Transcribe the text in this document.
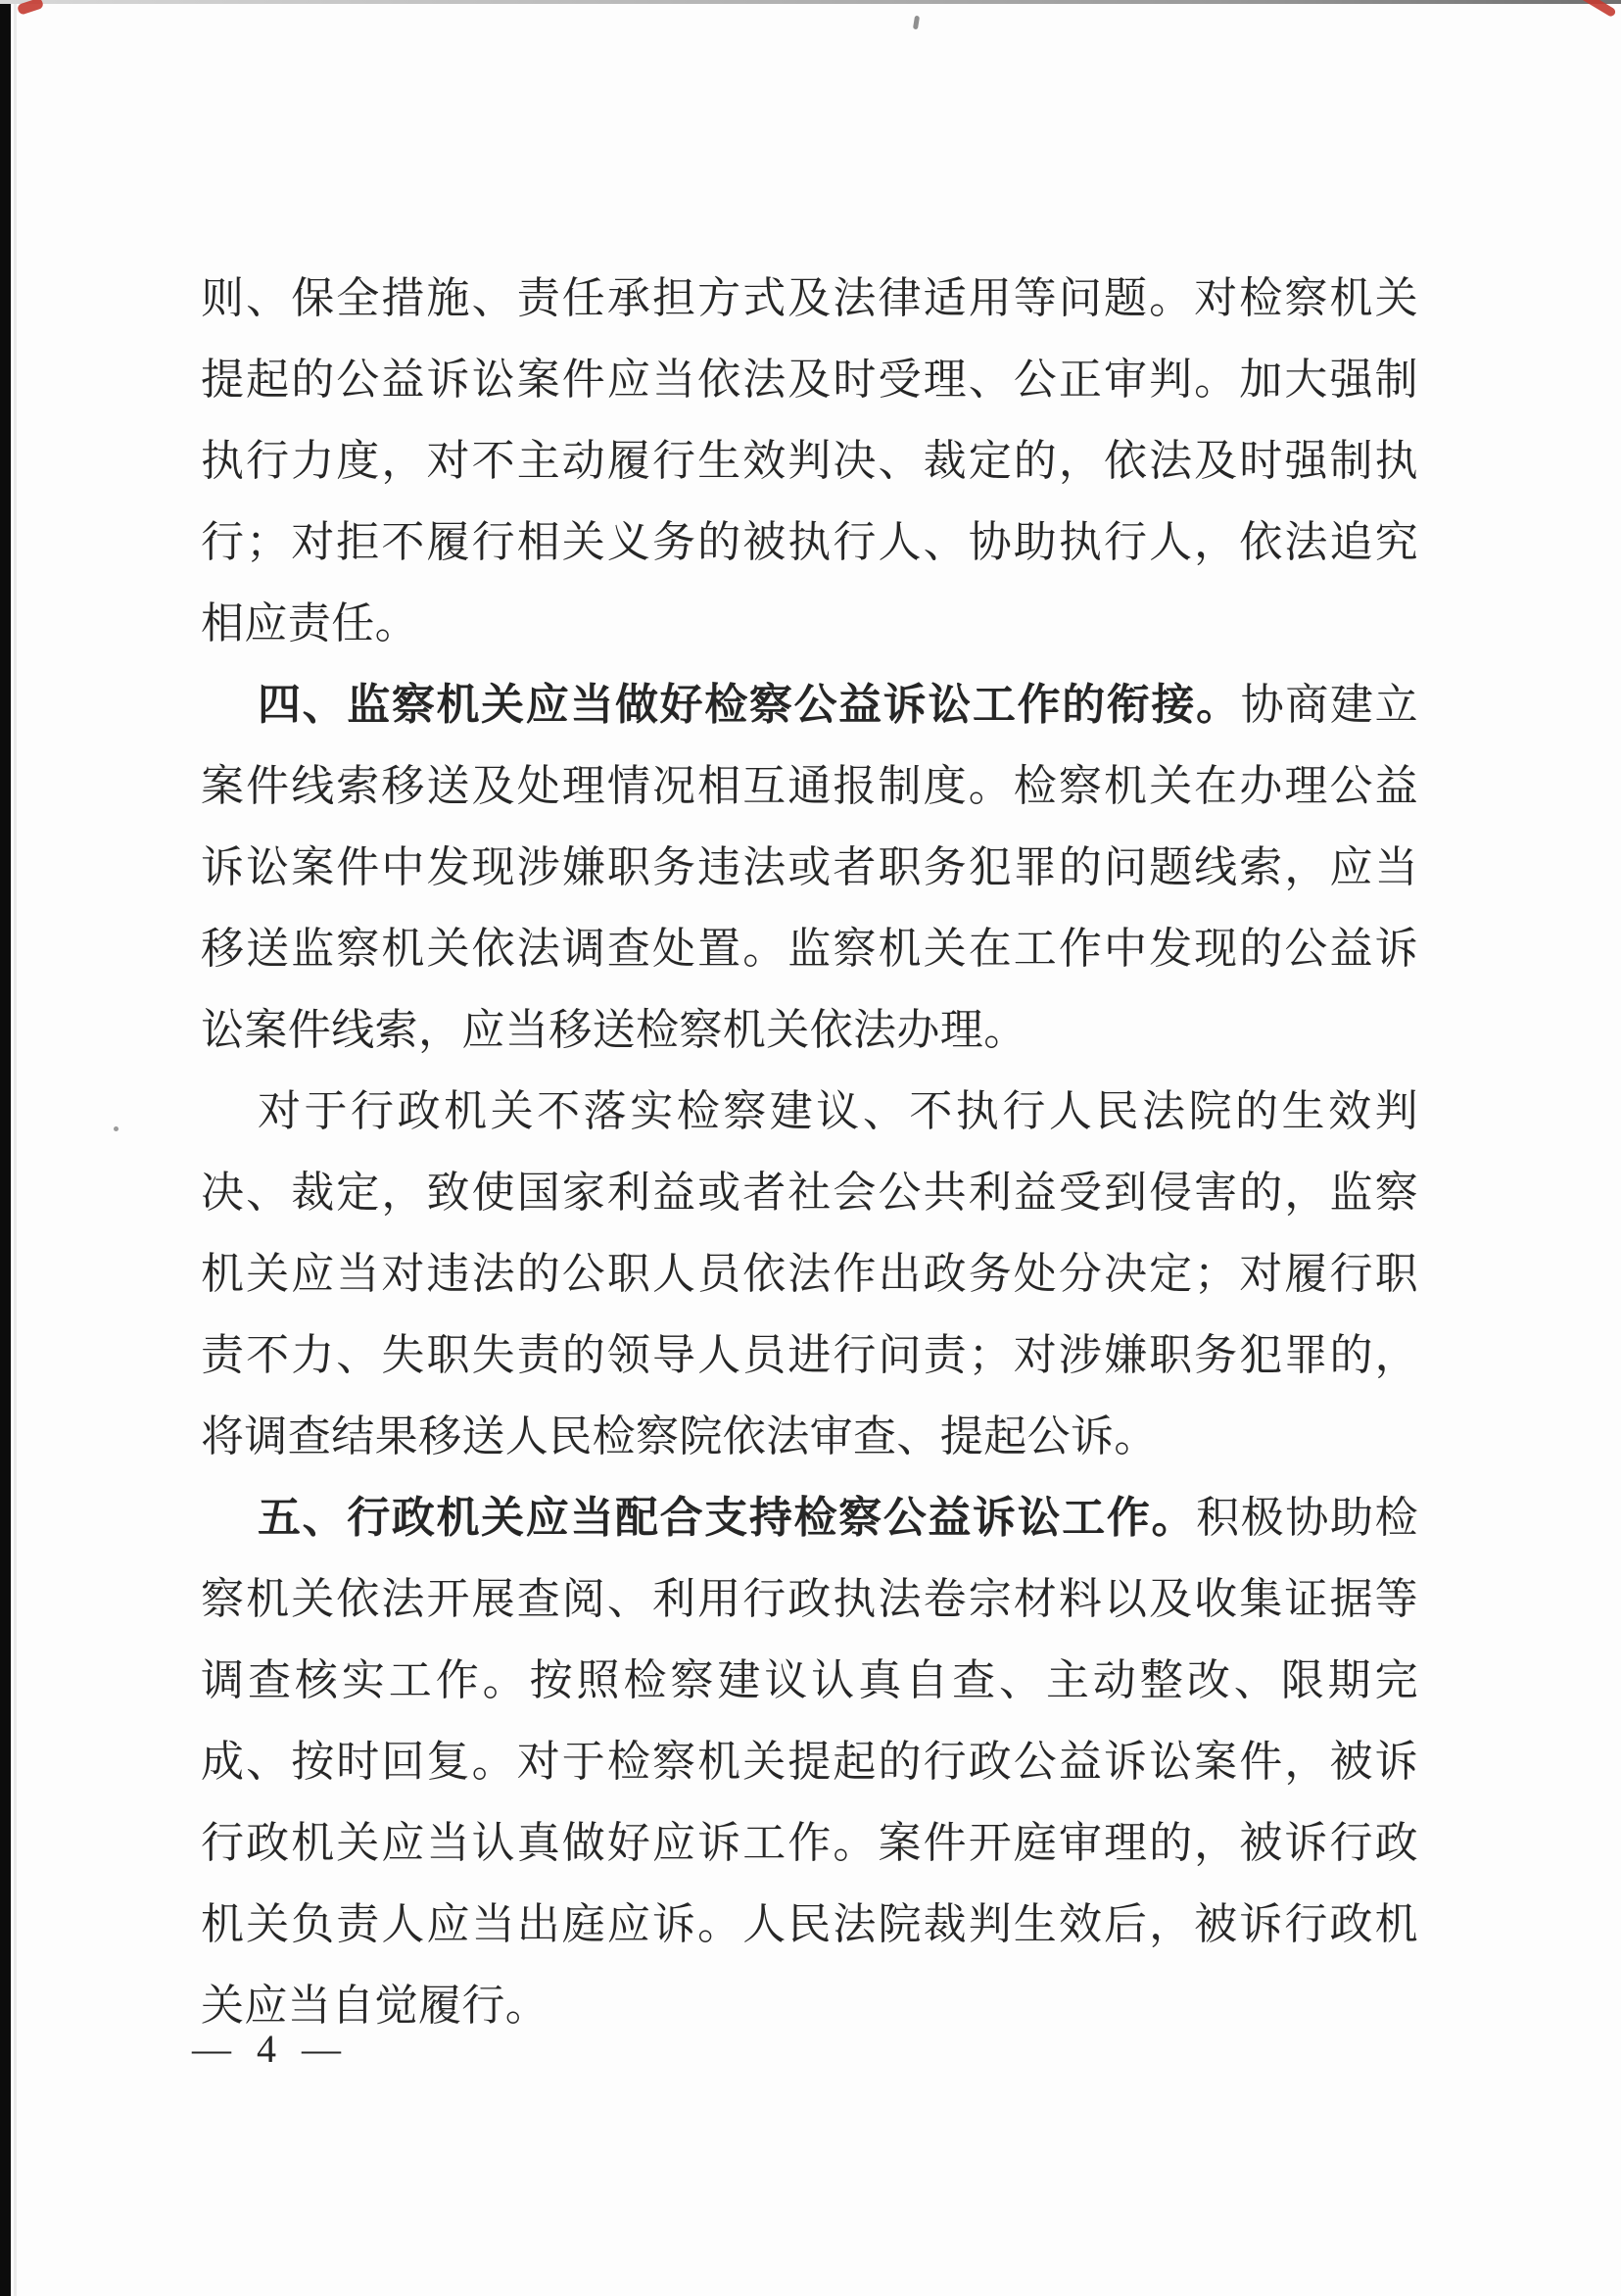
则、保全措施、责任承担方式及法律适用等问题。对检察机关提起的公益诉讼案件应当依法及时受理、公正审判。加大强制执行力度，对不主动履行生效判决、裁定的，依法及时强制执行；对拒不履行相关义务的被执行人、协助执行人，依法追究相应责任。

四、监察机关应当做好检察公益诉讼工作的衔接。协商建立案件线索移送及处理情况相互通报制度。检察机关在办理公益诉讼案件中发现涉嫌职务违法或者职务犯罪的问题线索，应当移送监察机关依法调查处置。监察机关在工作中发现的公益诉讼案件线索，应当移送检察机关依法办理。

对于行政机关不落实检察建议、不执行人民法院的生效判决、裁定，致使国家利益或者社会公共利益受到侵害的，监察机关应当对违法的公职人员依法作出政务处分决定；对履行职责不力、失职失责的领导人员进行问责；对涉嫌职务犯罪的，将调查结果移送人民检察院依法审查、提起公诉。

五、行政机关应当配合支持检察公益诉讼工作。积极协助检察机关依法开展查阅、利用行政执法卷宗材料以及收集证据等调查核实工作。按照检察建议认真自查、主动整改、限期完成、按时回复。对于检察机关提起的行政公益诉讼案件，被诉行政机关应当认真做好应诉工作。案件开庭审理的，被诉行政机关负责人应当出庭应诉。人民法院裁判生效后，被诉行政机关应当自觉履行。

— 4 —
